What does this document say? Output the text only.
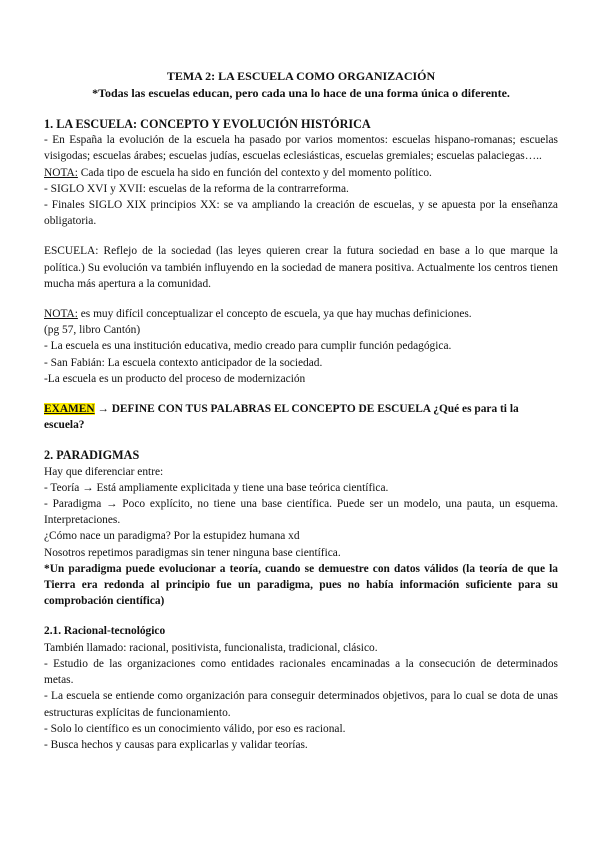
TEMA 2: LA ESCUELA COMO ORGANIZACIÓN

*Todas las escuelas educan, pero cada una lo hace de una forma única o diferente.

1. LA ESCUELA: CONCEPTO Y EVOLUCIÓN HISTÓRICA

- En España la evolución de la escuela ha pasado por varios momentos: escuelas hispano-romanas; escuelas visigodas; escuelas árabes; escuelas judías, escuelas eclesiásticas, escuelas gremiales; escuelas palaciegas…..

NOTA: Cada tipo de escuela ha sido en función del contexto y del momento político.

- SIGLO XVI y XVII: escuelas de la reforma de la contrarreforma.

- Finales SIGLO XIX principios XX: se va ampliando la creación de escuelas, y se apuesta por la enseñanza obligatoria.

ESCUELA: Reflejo de la sociedad (las leyes quieren crear la futura sociedad en base a lo que marque la política.) Su evolución va también influyendo en la sociedad de manera positiva. Actualmente los centros tienen mucha más apertura a la comunidad.

NOTA: es muy difícil conceptualizar el concepto de escuela, ya que hay muchas definiciones.

(pg 57, libro Cantón)

- La escuela es una institución educativa, medio creado para cumplir función pedagógica.

- San Fabián: La escuela contexto anticipador de la sociedad.

-La escuela es un producto del proceso de modernización

EXAMEN → DEFINE CON TUS PALABRAS EL CONCEPTO DE ESCUELA ¿Qué es para ti la escuela?

2. PARADIGMAS

Hay que diferenciar entre:

- Teoría → Está ampliamente explicitada y tiene una base teórica científica.

- Paradigma → Poco explícito, no tiene una base científica. Puede ser un modelo, una pauta, un esquema. Interpretaciones.

¿Cómo nace un paradigma? Por la estupidez humana xd

Nosotros repetimos paradigmas sin tener ninguna base científica.

*Un paradigma puede evolucionar a teoría, cuando se demuestre con datos válidos (la teoría de que la Tierra era redonda al principio fue un paradigma, pues no había información suficiente para su comprobación científica)

2.1. Racional-tecnológico

También llamado: racional, positivista, funcionalista, tradicional, clásico.

- Estudio de las organizaciones como entidades racionales encaminadas a la consecución de determinados metas.

- La escuela se entiende como organización para conseguir determinados objetivos, para lo cual se dota de unas estructuras explícitas de funcionamiento.

- Solo lo científico es un conocimiento válido, por eso es racional.

- Busca hechos y causas para explicarlas y validar teorías.
